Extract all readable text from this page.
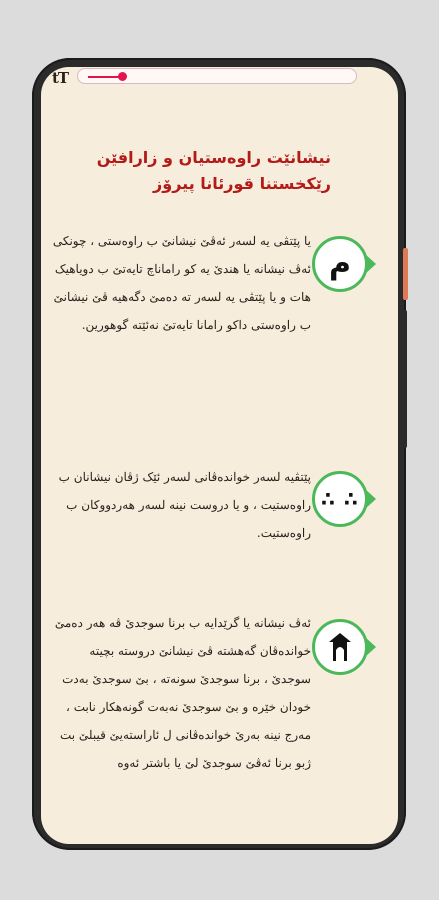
tT
نیشانێت راوەستیان و زارافێن
رێکخستنا قورئانا پیرۆز
یا پێتڤی یە لسەر ئەڤێ نیشانێ ب راوەستی ، چونکی ئەڤ نیشانە یا هندێ یە کو راماناچ تایەتێ ب دویاهیک هات و یا پێتڤی یە لسەر تە دەمێ دگەهیە ڤێ نیشانێ ب راوەستی داکو رامانا تایەتێ نەئێتە گوهورین.
م
پێتڤیە لسەر خواندەڤانی لسەر ئێک ژڤان نیشانان ب راوەستیت ، و یا دروست نینە لسەر هەردووکان ب راوەستیت.
∴ ∴
ئەڤ نیشانە یا گرێدایە ب برنا سوجدێ ڤە هەر دەمێ خواندەڤان گەهشتە ڤێ نیشانێ دروستە بچیتە سوجدێ ، برنا سوجدێ سونەتە ، بێ سوجدێ بەدت خودان خێرە و بێ سوجدێ نەبەت گونەهکار نابت ، مەرج نینە بەرێ خواندەڤانی ل ئاراستەیێ قیبلێ بت ژبو برنا ئەڤێ سوجدێ لێ یا باشتر ئەوە
